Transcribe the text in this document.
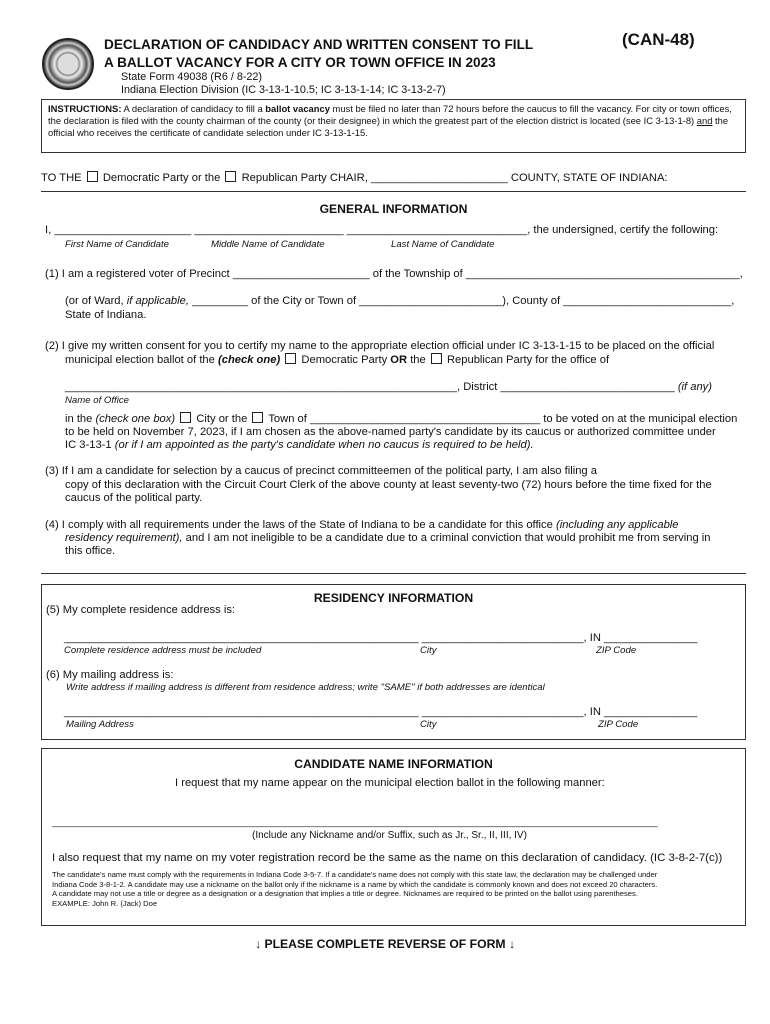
DECLARATION OF CANDIDACY AND WRITTEN CONSENT TO FILL
A BALLOT VACANCY FOR A CITY OR TOWN OFFICE IN 2023
(CAN-48)
State Form 49038 (R6 / 8-22)
Indiana Election Division (IC 3-13-1-10.5; IC 3-13-1-14; IC 3-13-2-7)
INSTRUCTIONS: A declaration of candidacy to fill a ballot vacancy must be filed no later than 72 hours before the caucus to fill the vacancy. For city or town offices, the declaration is filed with the county chairman of the county (or their designee) in which the greatest part of the election district is located (see IC 3-13-1-8) and the official who receives the certificate of candidate selection under IC 3-13-1-15.
TO THE Democratic Party or the Republican Party CHAIR, ______________________ COUNTY, STATE OF INDIANA:
GENERAL INFORMATION
I, ______________________ ________________________ _____________________________, the undersigned, certify the following:
First Name of Candidate	Middle Name of Candidate	Last Name of Candidate
(1) I am a registered voter of Precinct ______________________ of the Township of ____________________________________________,
(or of Ward, if applicable, _________ of the City or Town of _______________________), County of ___________________________,
State of Indiana.
(2) I give my written consent for you to certify my name to the appropriate election official under IC 3-13-1-15 to be placed on the official
municipal election ballot of the (check one) Democratic Party OR the Republican Party for the office of
_______________________________________________________________, District ____________________________ (if any)
Name of Office
in the (check one box) City or the Town of _____________________________________ to be voted on at the municipal election
to be held on November 7, 2023, if I am chosen as the above-named party's candidate by its caucus or authorized committee under
IC 3-13-1 (or if I am appointed as the party's candidate when no caucus is required to be held).
(3) If I am a candidate for selection by a caucus of precinct committeemen of the political party, I am also filing a
copy of this declaration with the Circuit Court Clerk of the above county at least seventy-two (72) hours before the time fixed for the
caucus of the political party.
(4) I comply with all requirements under the laws of the State of Indiana to be a candidate for this office (including any applicable
residency requirement), and I am not ineligible to be a candidate due to a criminal conviction that would prohibit me from serving in
this office.
RESIDENCY INFORMATION
(5) My complete residence address is:
_________________________________________________________ __________________________, IN _______________
Complete residence address must be included	City	ZIP Code
(6) My mailing address is:
Write address if mailing address is different from residence address; write "SAME" if both addresses are identical
_________________________________________________________ __________________________, IN _______________
Mailing Address	City	ZIP Code
CANDIDATE NAME INFORMATION
I request that my name appear on the municipal election ballot in the following manner:
_________________________________________________________________________________________________________________________
(Include any Nickname and/or Suffix, such as Jr., Sr., II, III, IV)
I also request that my name on my voter registration record be the same as the name on this declaration of candidacy. (IC 3-8-2-7(c))
The candidate's name must comply with the requirements in Indiana Code 3-5-7. If a candidate's name does not comply with this state law, the declaration may be challenged under
Indiana Code 3-8-1-2. A candidate may use a nickname on the ballot only if the nickname is a name by which the candidate is commonly known and does not exceed 20 characters.
A candidate may not use a title or degree as a designation or a designation that implies a title or degree. Nicknames are required to be printed on the ballot using parentheses.
EXAMPLE: John R. (Jack) Doe
↓ PLEASE COMPLETE REVERSE OF FORM ↓
